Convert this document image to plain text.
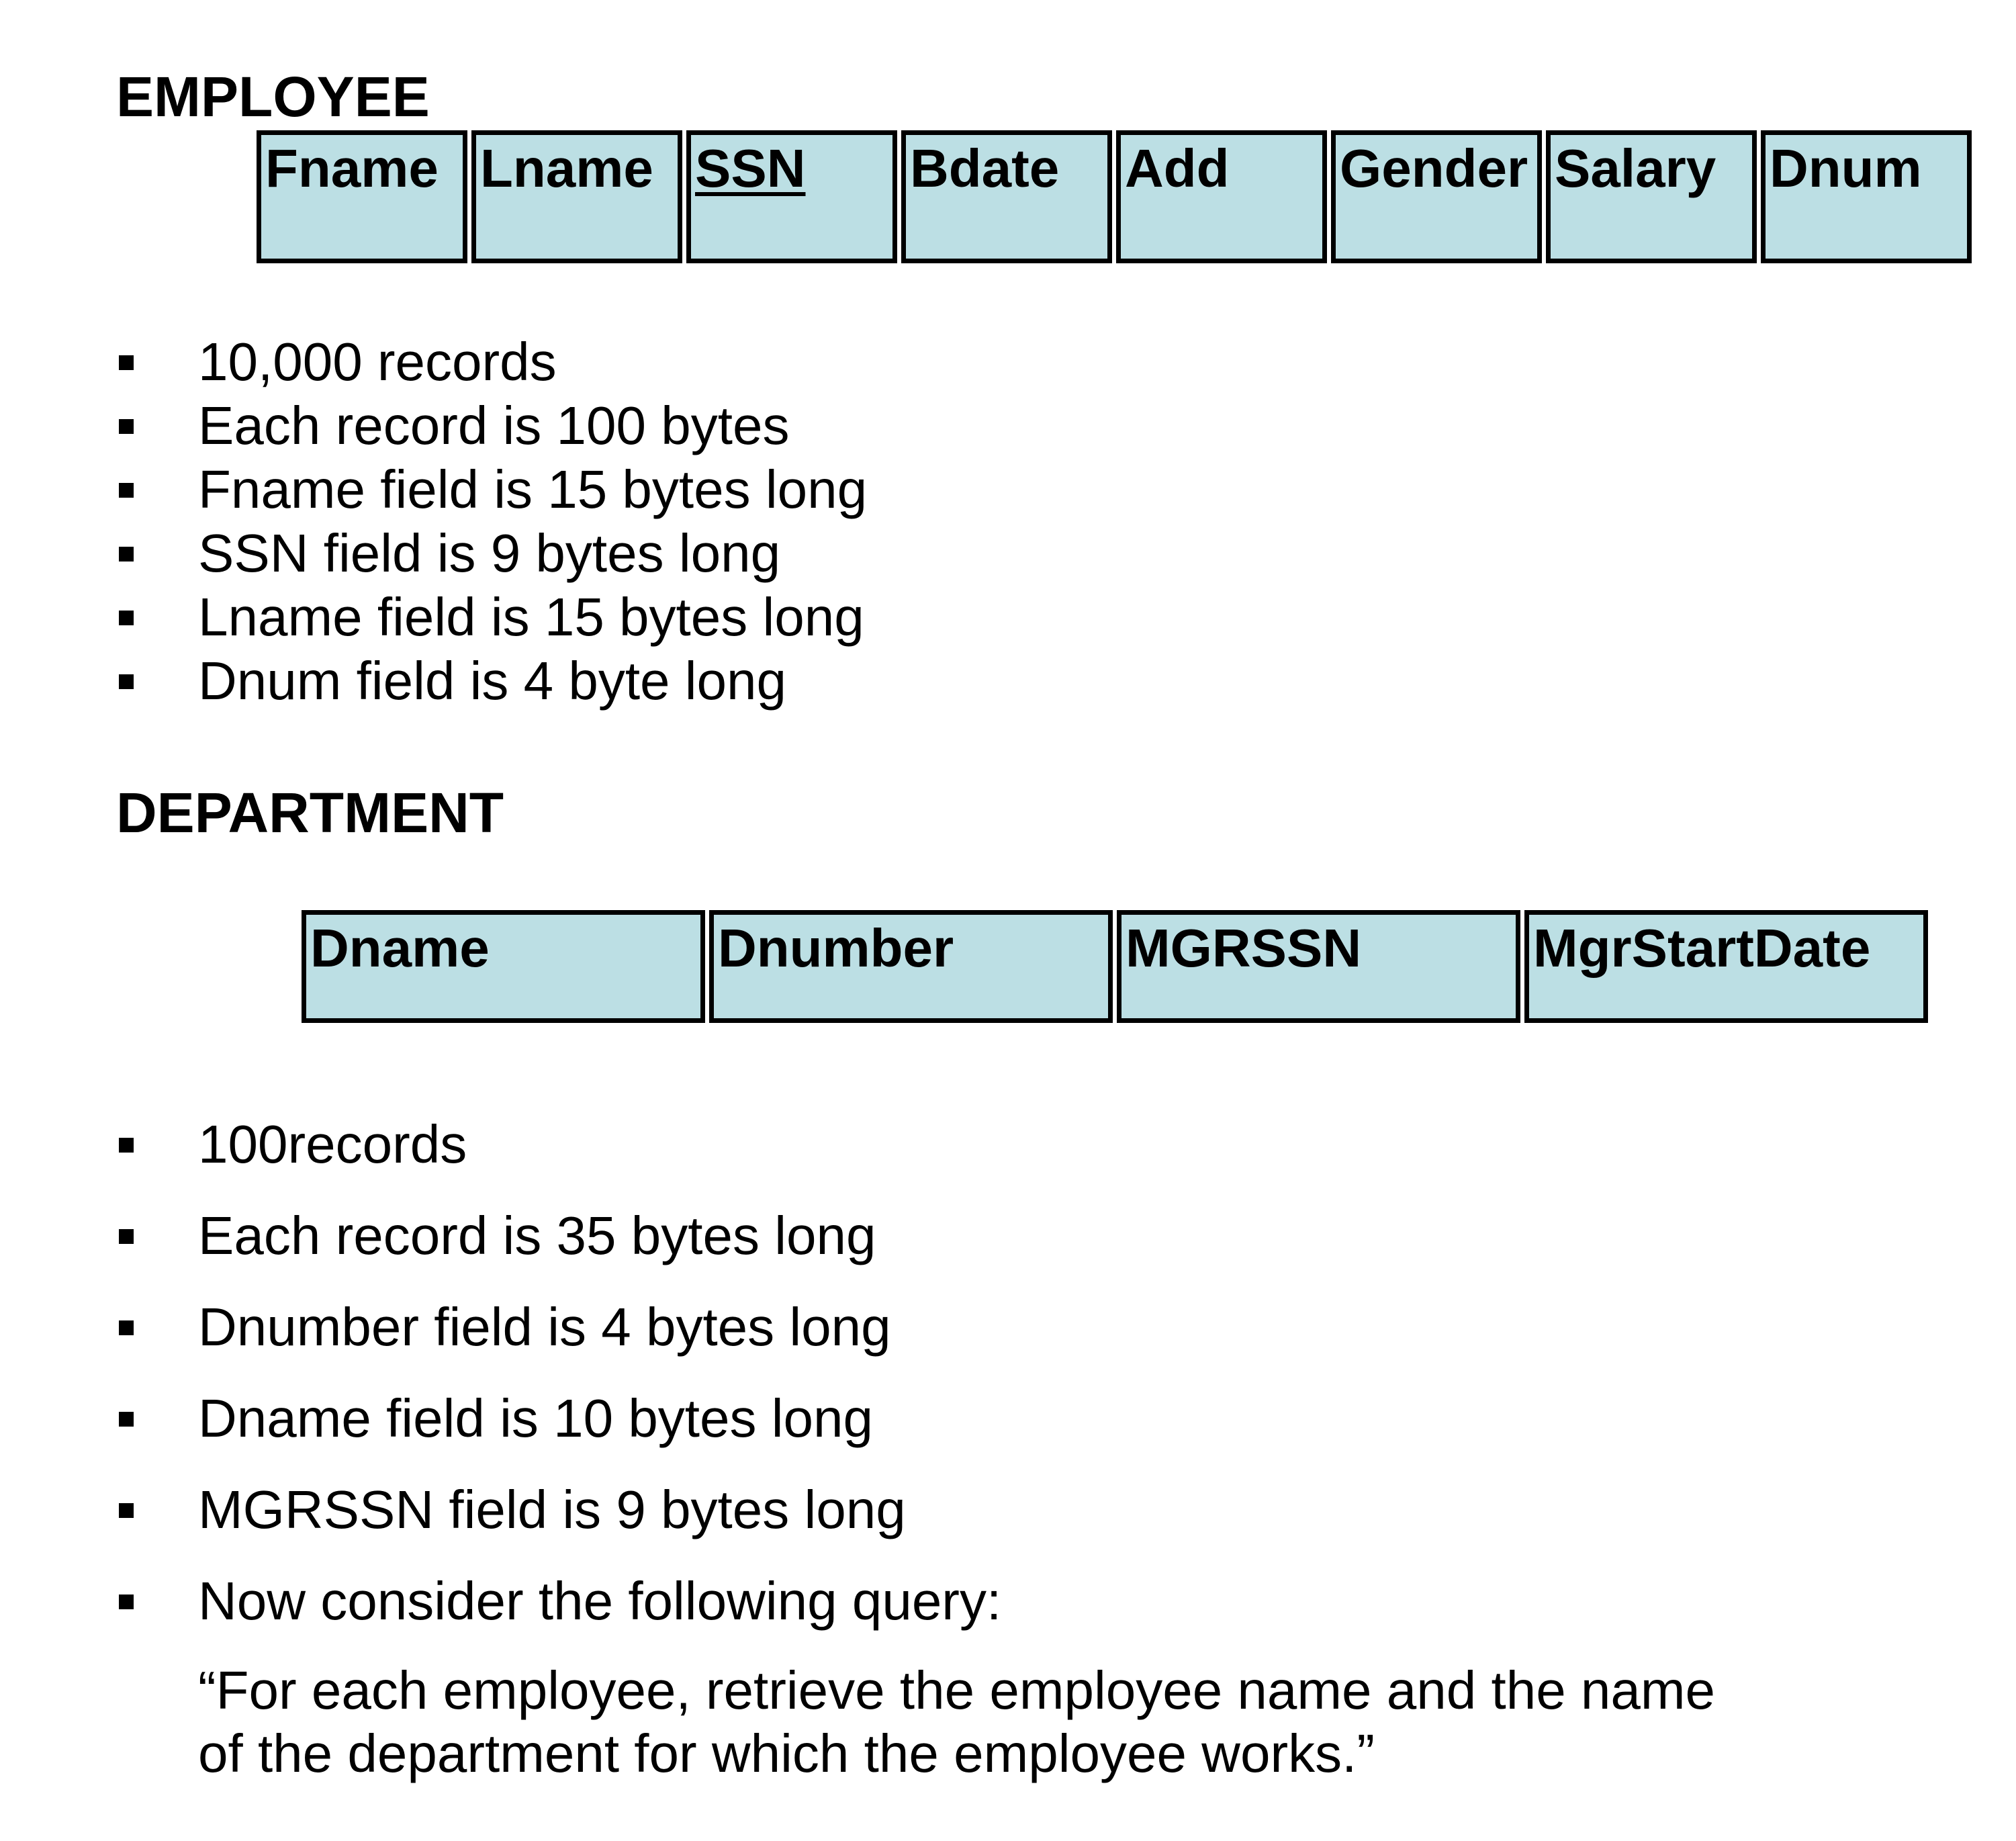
EMPLOYEE
Fname Lname SSN	Bdate	Add	Gender Salary Dnum
10,000 records
Each record is 100 bytes
Fname field is 15 bytes long
SSN field is 9 bytes long
Lname field is 15 bytes long
Dnum field is 4 byte long
DEPARTMENT
Dname	Dnumber	MGRSSN	MgrStartDate
100records
Each record is 35 bytes long
Dnumber field is 4 bytes long
Dname field is 10 bytes long
MGRSSN field is 9 bytes long
Now consider the following query:

“For each employee, retrieve the employee name and the name
of the department for which the employee works.”
